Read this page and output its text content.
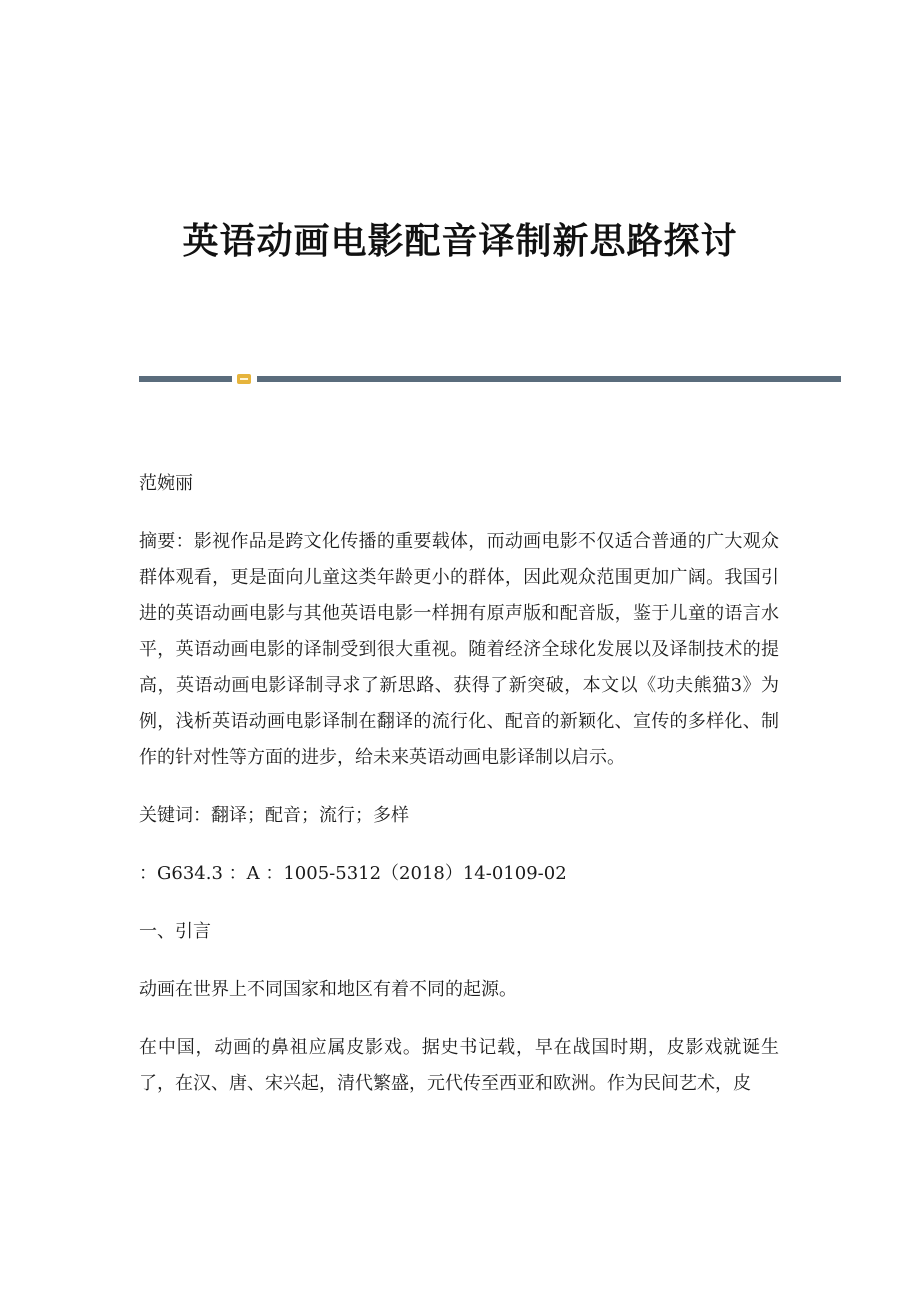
英语动画电影配音译制新思路探讨

范婉丽

摘要：影视作品是跨文化传播的重要载体，而动画电影不仅适合普通的广大观众群体观看，更是面向儿童这类年龄更小的群体，因此观众范围更加广阔。我国引进的英语动画电影与其他英语电影一样拥有原声版和配音版，鉴于儿童的语言水平，英语动画电影的译制受到很大重视。随着经济全球化发展以及译制技术的提高，英语动画电影译制寻求了新思路、获得了新突破，本文以《功夫熊猫3》为例，浅析英语动画电影译制在翻译的流行化、配音的新颖化、宣传的多样化、制作的针对性等方面的进步，给未来英语动画电影译制以启示。

关键词：翻译；配音；流行；多样

：G634.3 ：A ：1005-5312（2018）14-0109-02

一、引言

动画在世界上不同国家和地区有着不同的起源。

在中国，动画的鼻祖应属皮影戏。据史书记载，早在战国时期，皮影戏就诞生了，在汉、唐、宋兴起，清代繁盛，元代传至西亚和欧洲。作为民间艺术，皮
